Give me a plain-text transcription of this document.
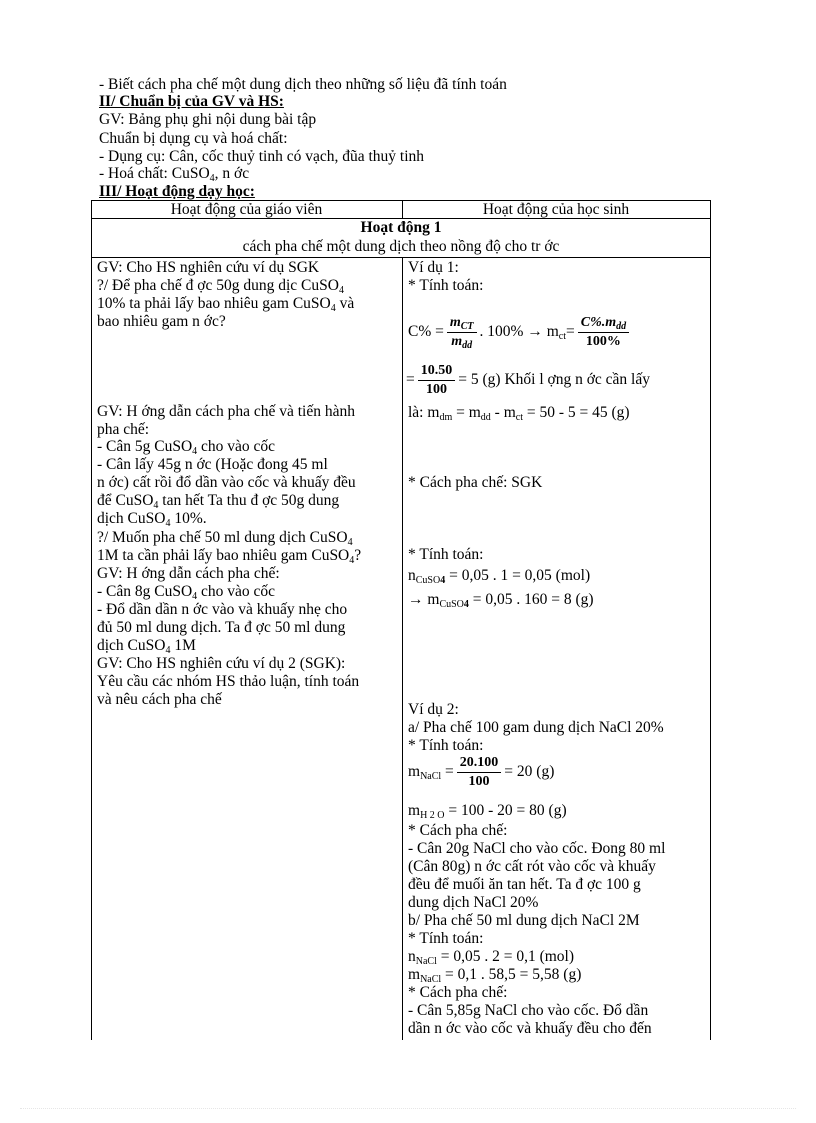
- Biết cách pha chế một dung dịch theo những số liệu đã tính toán
II/ Chuẩn bị của GV và HS:
GV: Bảng phụ ghi nội dung bài tập
Chuẩn bị dụng cụ và hoá chất:
- Dụng cụ: Cân, cốc thuỷ tinh có vạch, đũa thuỷ tinh
- Hoá chất: CuSO$_4$, n ớc
III/ Hoạt động dạy học:
Hoạt động của giáo viên	Hoạt động của học sinh
Hoạt động 1
cách pha chế một dung dịch theo nồng độ cho tr ớc
GV: Cho HS nghiên cứu ví dụ SGK
?/ Để pha chế đ ợc 50g dung dịc CuSO$_4$
10% ta phải lấy bao nhiêu gam CuSO$_4$ và
bao nhiêu gam n ớc?
GV: H ớng dẫn cách pha chế và tiến hành
pha chế:
- Cân 5g CuSO$_4$ cho vào cốc
- Cân lấy 45g n ớc (Hoặc đong 45 ml
n ớc) cất rồi đổ dần vào cốc và khuấy đều
để CuSO$_4$ tan hết Ta thu đ ợc 50g dung
dịch CuSO$_4$ 10%.
?/ Muốn pha chế 50 ml dung dịch CuSO$_4$
1M ta cần phải lấy bao nhiêu gam CuSO$_4$?
GV: H ớng dẫn cách pha chế:
- Cân 8g CuSO$_4$ cho vào cốc
- Đổ dần dần n ớc vào và khuấy nhẹ cho
đủ 50 ml dung dịch. Ta đ ợc 50 ml dung
dịch CuSO$_4$ 1M
GV: Cho HS nghiên cứu ví dụ 2 (SGK):
Yêu cầu các nhóm HS thảo luận, tính toán
và nêu cách pha chế
Ví dụ 1:
* Tính toán:
$C\% = \frac{m_{CT}}{m_{dd}}$ . $100\% \to m_{ct}= \frac{C\%.m_{dd}}{100\%}$
= $\frac{10.50}{100} = 5$ (g) Khối l ợng n ớc cần lấy
là: $m_{dm} = m_{dd} - m_{ct} = 50 - 5 = 45$ (g)
* Cách pha chế: SGK
* Tính toán:
$n_{CuSO4} = 0,05$ . 1 = 0,05 (mol)
→ $m_{CuSO4} = 0,05$ . 160 = 8 (g)
Ví dụ 2:
a/ Pha chế 100 gam dung dịch NaCl 20%
* Tính toán:
$m_{NaCl} = \frac{20.100}{100} = 20$ (g)
$m_{H 2 O} = 100 - 20 = 80$ (g)
* Cách pha chế:
- Cân 20g NaCl cho vào cốc. Đong 80 ml
(Cân 80g) n ớc cất rót vào cốc và khuấy
đều để muối ăn tan hết. Ta đ ợc 100 g
dung dịch NaCl 20%
b/ Pha chế 50 ml dung dịch NaCl 2M
* Tính toán:
$n_{NaCl} = 0,05$ . 2 = 0,1 (mol)
$m_{NaCl} = 0,1$ . 58,5 = 5,58 (g)
* Cách pha chế:
- Cân 5,85g NaCl cho vào cốc. Đổ dần
dần n ớc vào cốc và khuấy đều cho đến
